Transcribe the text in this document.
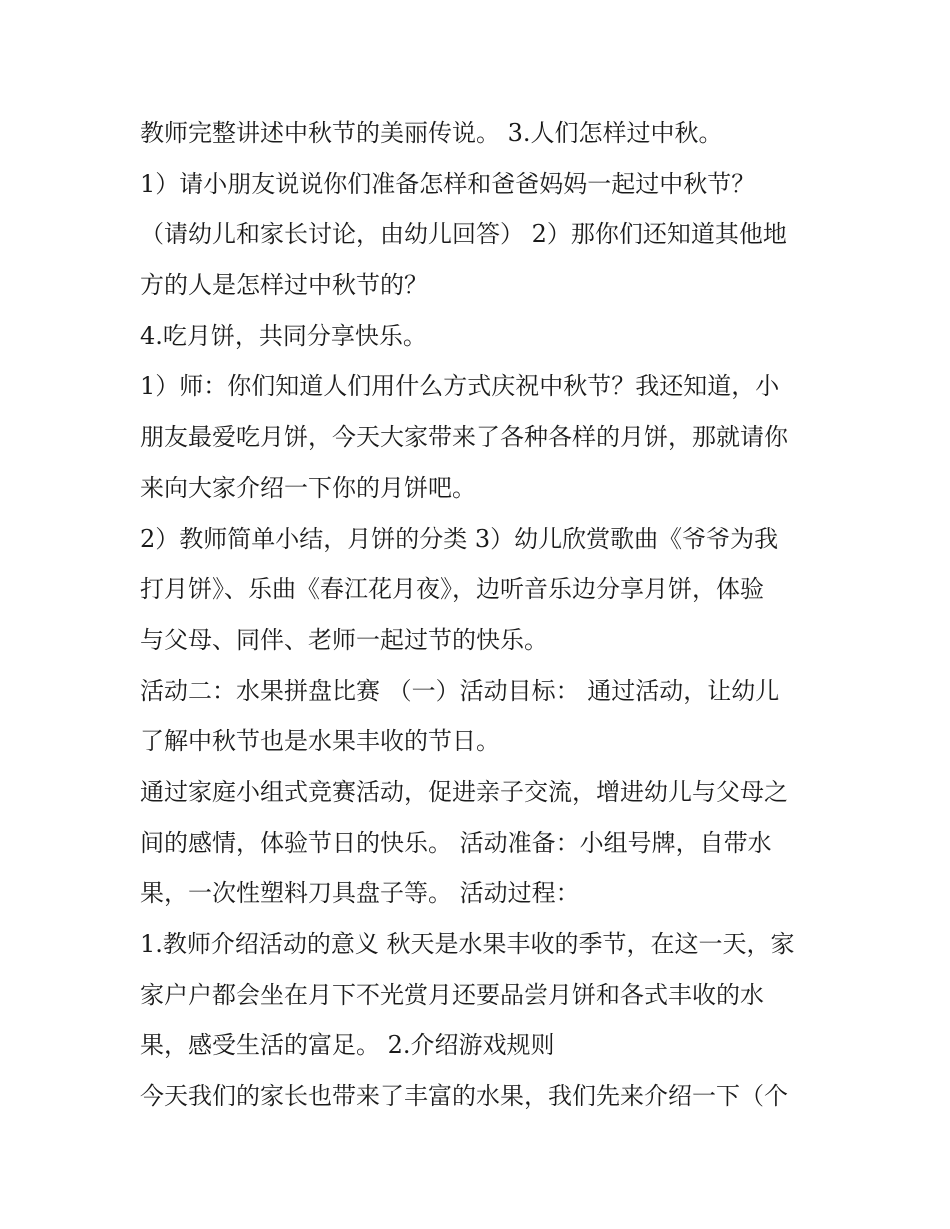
教师完整讲述中秋节的美丽传说。 3.人们怎样过中秋。
1）请小朋友说说你们准备怎样和爸爸妈妈一起过中秋节？
（请幼儿和家长讨论，由幼儿回答） 2）那你们还知道其他地
方的人是怎样过中秋节的？
4.吃月饼，共同分享快乐。
1）师：你们知道人们用什么方式庆祝中秋节？我还知道，小
朋友最爱吃月饼，今天大家带来了各种各样的月饼，那就请你
来向大家介绍一下你的月饼吧。
2）教师简单小结，月饼的分类 3）幼儿欣赏歌曲《爷爷为我
打月饼》、乐曲《春江花月夜》，边听音乐边分享月饼，体验
与父母、同伴、老师一起过节的快乐。
活动二：水果拼盘比赛 （一）活动目标： 通过活动，让幼儿
了解中秋节也是水果丰收的节日。
通过家庭小组式竞赛活动，促进亲子交流，增进幼儿与父母之
间的感情，体验节日的快乐。 活动准备：小组号牌，自带水
果，一次性塑料刀具盘子等。 活动过程：
1.教师介绍活动的意义 秋天是水果丰收的季节，在这一天，家
家户户都会坐在月下不光赏月还要品尝月饼和各式丰收的水
果，感受生活的富足。 2.介绍游戏规则
今天我们的家长也带来了丰富的水果，我们先来介绍一下（个
